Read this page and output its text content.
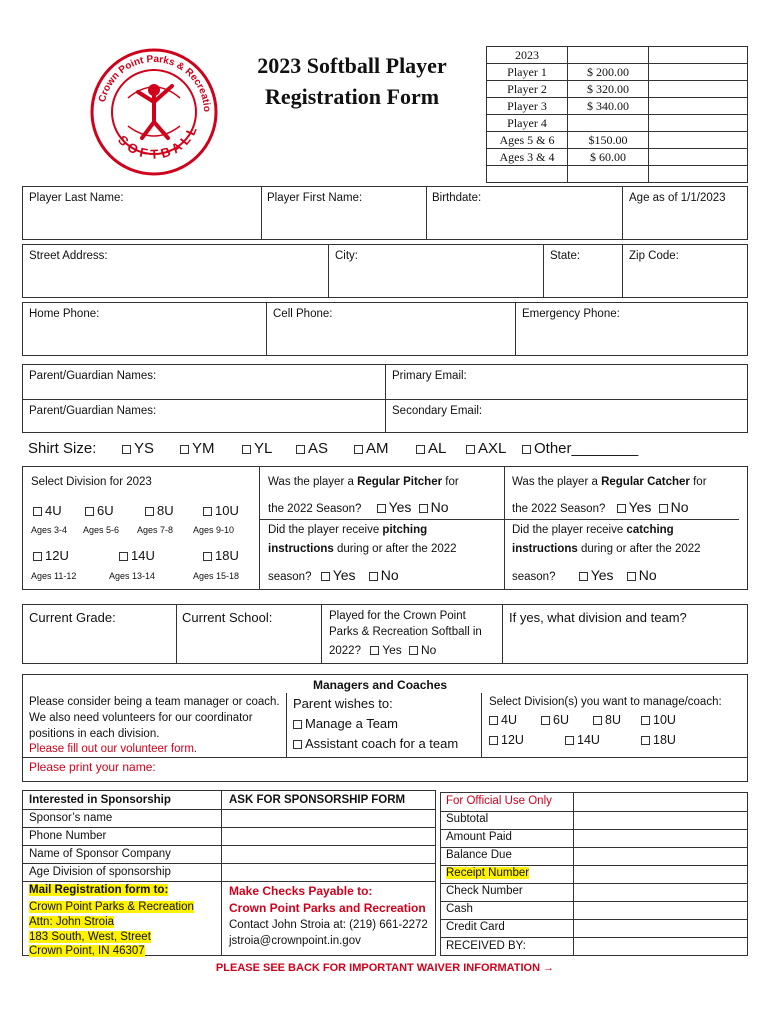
Crown Point Parks & Recreatio
SOFTBALL
2023 Softball Player
Registration Form
2023		
Player 1	$ 200.00	
Player 2	$ 320.00	
Player 3	$ 340.00	
Player 4		
Ages 5 & 6	$150.00	
Ages 3 & 4	$ 60.00	

Player Last Name:	Player First Name:	Birthdate:	Age as of 1/1/2023
Street Address:	City:	State:	Zip Code:
Home Phone:	Cell Phone:	Emergency Phone:
Parent/Guardian Names:	Primary Email:
Parent/Guardian Names:	Secondary Email:
Shirt Size:	YS	YM	YL	AS	AM	AL	AXL	Other________
Select Division for 2023
4U	6U	8U	10U
Ages 3-4 Ages 5-6 Ages 7-8 Ages 9-10
12U	14U	18U
Ages 11-12	Ages 13-14	Ages 15-18
Was the player a Regular Pitcher for
the 2022 Season? Yes No
Did the player receive pitching
instructions during or after the 2022
season? Yes No
Was the player a Regular Catcher for
the 2022 Season? Yes No
Did the player receive catching
instructions during or after the 2022
season?	Yes No
Current Grade:	Current School:	Played for the Crown Point
Parks & Recreation Softball in
2022? Yes No
If yes, what division and team?
Managers and Coaches
Please consider being a team manager or coach.
We also need volunteers for our coordinator
positions in each division.
Please fill out our volunteer form.
Parent wishes to:
Manage a Team
Assistant coach for a team
Select Division(s) you want to manage/coach:
4U	6U	8U	10U
12U	14U	18U
Please print your name:
Interested in Sponsorship	ASK FOR SPONSORSHIP FORM
Sponsor’s name
Phone Number
Name of Sponsor Company
Age Division of sponsorship
Mail Registration form to:
Crown Point Parks & Recreation
Attn: John Stroia
183 South, West, Street
Crown Point, IN 46307
Make Checks Payable to:
Crown Point Parks and Recreation
Contact John Stroia at: (219) 661-2272
jstroia@crownpoint.in.gov
For Official Use Only
Subtotal
Amount Paid
Balance Due
Receipt Number
Check Number
Cash
Credit Card
RECEIVED BY:
PLEASE SEE BACK FOR IMPORTANT WAIVER INFORMATION →
